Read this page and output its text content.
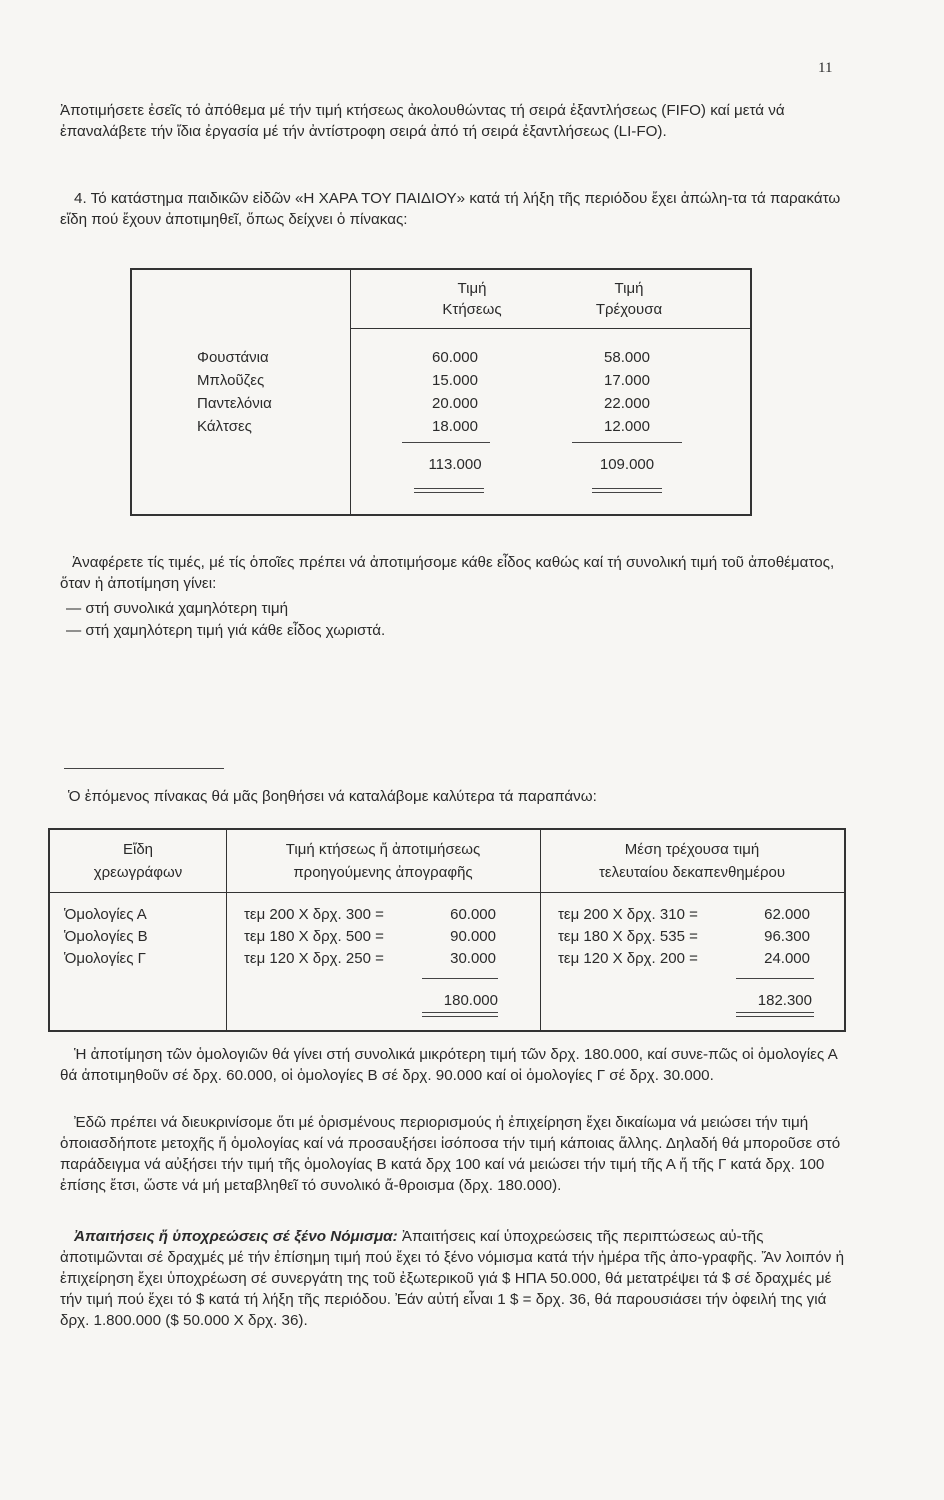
11

Ἀποτιμήσετε ἐσεῖς τό ἀπόθεμα μέ τήν τιμή κτήσεως ἀκολουθώντας τή σειρά ἐξαντλήσεως (FIFO) καί μετά νά ἐπαναλάβετε τήν ἴδια ἐργασία μέ τήν ἀντίστροφη σειρά ἀπό τή σειρά ἐξαντλήσεως (LI-FO).

4. Τό κατάστημα παιδικῶν εἰδῶν «Η ΧΑΡΑ ΤΟΥ ΠΑΙΔΙΟΥ» κατά τή λήξη τῆς περιόδου ἔχει ἀπώλη-τα τά παρακάτω εἴδη πού ἔχουν ἀποτιμηθεῖ, ὅπως δείχνει ὁ πίνακας:

Τιμή
Κτήσεως
Τιμή
Τρέχουσα
Φουστάνια
Μπλοῦζες
Παντελόνια
Κάλτσες
60.000
15.000
20.000
18.000
58.000
17.000
22.000
12.000
113.000	109.000

Ἀναφέρετε τίς τιμές, μέ τίς ὁποῖες πρέπει νά ἀποτιμήσομε κάθε εἶδος καθώς καί τή συνολική τιμή τοῦ ἀποθέματος, ὅταν ἡ ἀποτίμηση γίνει:

— στή συνολικά χαμηλότερη τιμή

— στή χαμηλότερη τιμή γιά κάθε εἶδος χωριστά.

Ὁ ἐπόμενος πίνακας θά μᾶς βοηθήσει νά καταλάβομε καλύτερα τά παραπάνω:

Εἴδη
χρεωγράφων
Τιμή κτήσεως ἤ ἀποτιμήσεως
προηγούμενης ἀπογραφῆς
Μέση τρέχουσα τιμή
τελευταίου δεκαπενθημέρου
Ὁμολογίες Α
Ὁμολογίες Β
Ὁμολογίες Γ
τεμ 200 Χ δρχ. 300 =
τεμ 180 Χ δρχ. 500 =
τεμ 120 Χ δρχ. 250 =
60.000
90.000
30.000
τεμ 200 Χ δρχ. 310 =
τεμ 180 Χ δρχ. 535 =
τεμ 120 Χ δρχ. 200 =
62.000
96.300
24.000
180.000	182.300

Ἡ ἀποτίμηση τῶν ὁμολογιῶν θά γίνει στή συνολικά μικρότερη τιμή τῶν δρχ. 180.000, καί συνε-πῶς οἱ ὁμολογίες Α θά ἀποτιμηθοῦν σέ δρχ. 60.000, οἱ ὁμολογίες Β σέ δρχ. 90.000 καί οἱ ὁμολογίες Γ σέ δρχ. 30.000.

Ἐδῶ πρέπει νά διευκρινίσομε ὅτι μέ ὁρισμένους περιορισμούς ἡ ἐπιχείρηση ἔχει δικαίωμα νά μειώσει τήν τιμή ὁποιασδήποτε μετοχῆς ἤ ὁμολογίας καί νά προσαυξήσει ἰσόποσα τήν τιμή κάποιας ἄλλης. Δηλαδή θά μποροῦσε στό παράδειγμα νά αὐξήσει τήν τιμή τῆς ὁμολογίας Β κατά δρχ 100 καί νά μειώσει τήν τιμή τῆς Α ἤ τῆς Γ κατά δρχ. 100 ἐπίσης ἔτσι, ὥστε νά μή μεταβληθεῖ τό συνολικό ἄ-θροισμα (δρχ. 180.000).

Ἀπαιτήσεις ἤ ὑποχρεώσεις σέ ξένο Νόμισμα: Ἀπαιτήσεις καί ὑποχρεώσεις τῆς περιπτώσεως αὐ-τῆς ἀποτιμῶνται σέ δραχμές μέ τήν ἐπίσημη τιμή πού ἔχει τό ξένο νόμισμα κατά τήν ἡμέρα τῆς ἀπο-γραφῆς. Ἄν λοιπόν ἡ ἐπιχείρηση ἔχει ὑποχρέωση σέ συνεργάτη της τοῦ ἐξωτερικοῦ γιά $ ΗΠΑ 50.000, θά μετατρέψει τά $ σέ δραχμές μέ τήν τιμή πού ἔχει τό $ κατά τή λήξη τῆς περιόδου. Ἐάν αὐτή εἶναι 1 $ = δρχ. 36, θά παρουσιάσει τήν ὀφειλή της γιά δρχ. 1.800.000 ($ 50.000 Χ δρχ. 36).
